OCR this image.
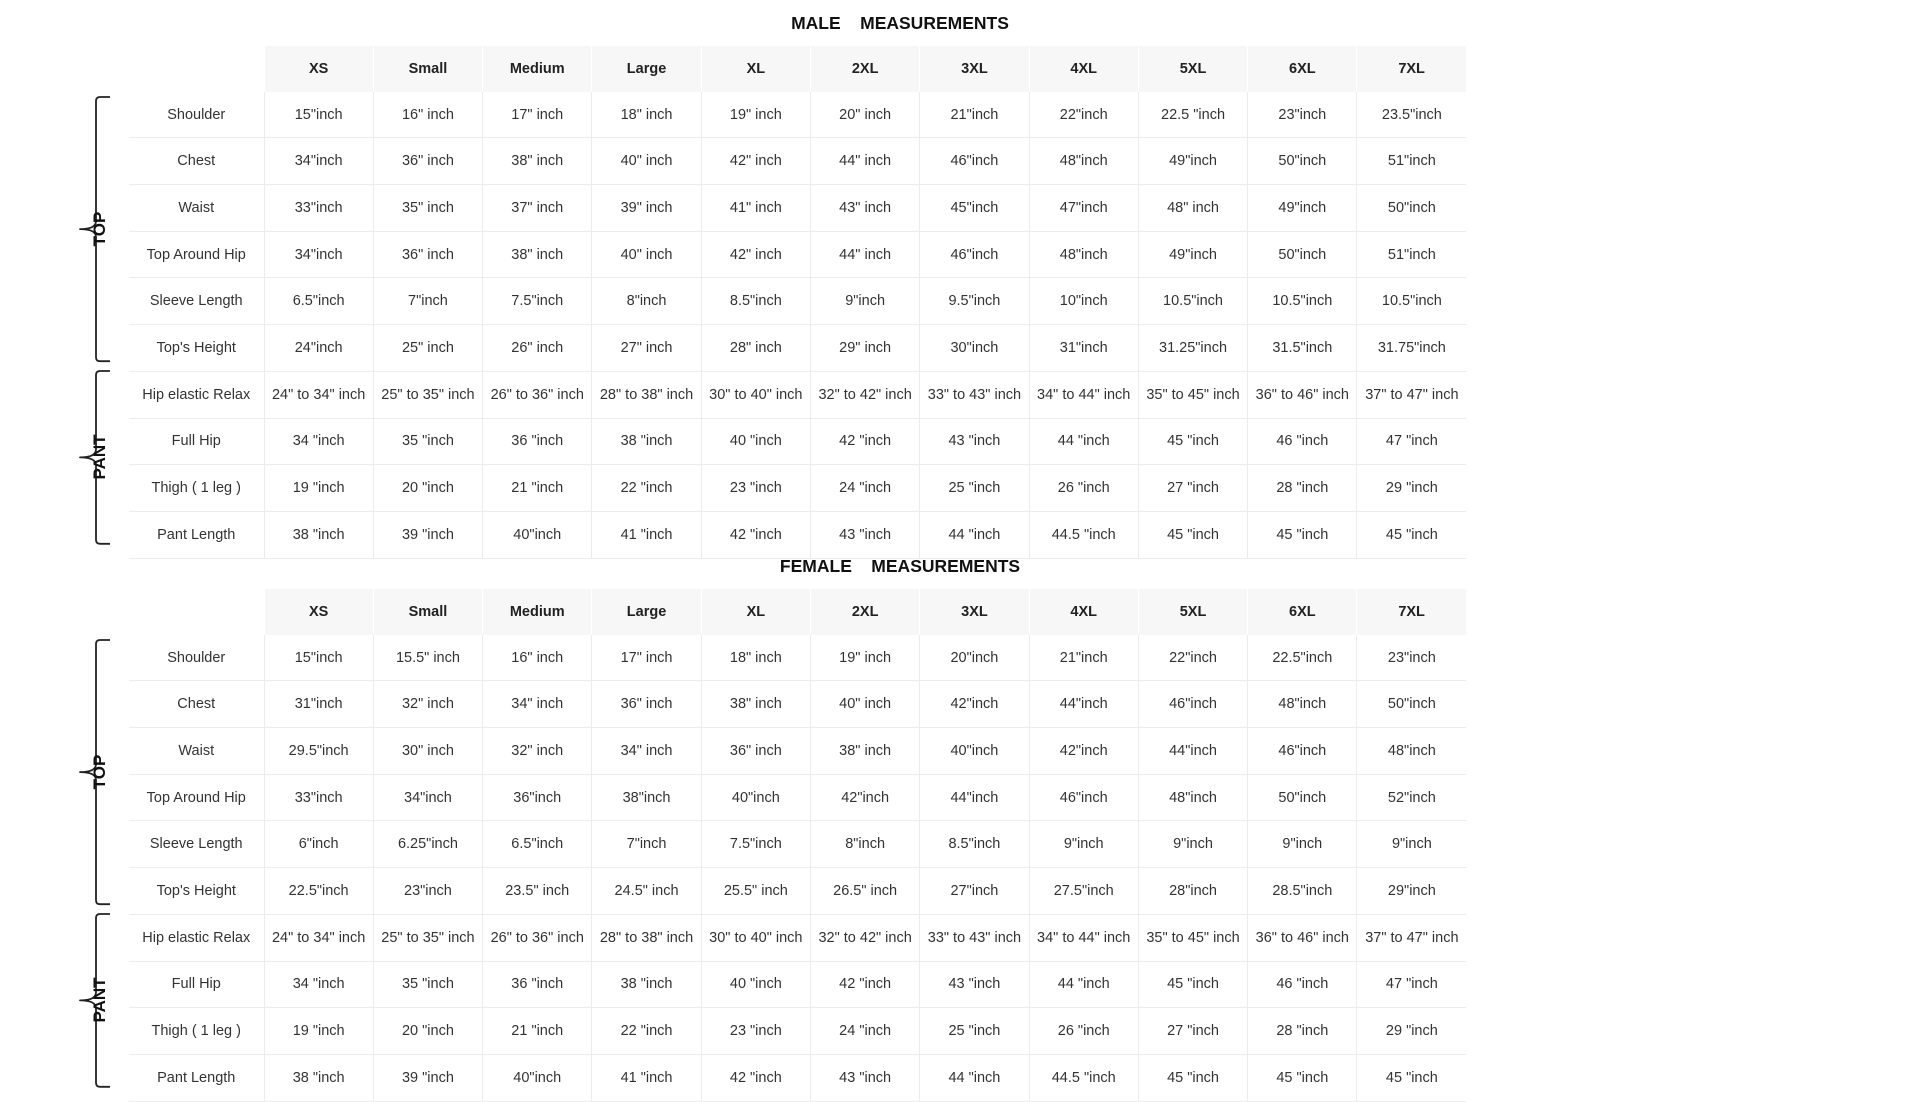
MALE    MEASUREMENTS
TOP
PANT
	XS	Small	Medium	Large	XL	2XL	3XL	4XL	5XL	6XL	7XL
Shoulder	15"inch	16" inch	17" inch	18" inch	19" inch	20" inch	21"inch	22"inch	22.5 "inch	23"inch	23.5"inch
Chest	34"inch	36" inch	38" inch	40" inch	42" inch	44" inch	46"inch	48"inch	49"inch	50"inch	51"inch
Waist	33"inch	35" inch	37" inch	39" inch	41" inch	43" inch	45"inch	47"inch	48" inch	49"inch	50"inch
Top Around Hip	34"inch	36" inch	38" inch	40" inch	42" inch	44" inch	46"inch	48"inch	49"inch	50"inch	51"inch
Sleeve Length	6.5"inch	7"inch	7.5"inch	8"inch	8.5"inch	9"inch	9.5"inch	10"inch	10.5"inch	10.5"inch	10.5"inch
Top's Height	24"inch	25" inch	26" inch	27" inch	28" inch	29" inch	30"inch	31"inch	31.25"inch	31.5"inch	31.75"inch
Hip elastic Relax	24" to 34" inch	25" to 35" inch	26" to 36" inch	28" to 38" inch	30" to 40" inch	32" to 42" inch	33" to 43" inch	34" to 44" inch	35" to 45" inch	36" to 46" inch	37" to 47" inch
Full Hip	34 "inch	35 "inch	36 "inch	38 "inch	40 "inch	42 "inch	43 "inch	44 "inch	45 "inch	46 "inch	47 "inch
Thigh ( 1 leg )	19 "inch	20 "inch	21 "inch	22 "inch	23 "inch	24 "inch	25 "inch	26 "inch	27 "inch	28 "inch	29 "inch
Pant Length	38 "inch	39 "inch	40"inch	41 "inch	42 "inch	43 "inch	44 "inch	44.5 "inch	45 "inch	45 "inch	45 "inch
FEMALE    MEASUREMENTS
TOP
PANT
	XS	Small	Medium	Large	XL	2XL	3XL	4XL	5XL	6XL	7XL
Shoulder	15"inch	15.5" inch	16" inch	17" inch	18" inch	19" inch	20"inch	21"inch	22"inch	22.5"inch	23"inch
Chest	31"inch	32" inch	34" inch	36" inch	38" inch	40" inch	42"inch	44"inch	46"inch	48"inch	50"inch
Waist	29.5"inch	30" inch	32" inch	34" inch	36" inch	38" inch	40"inch	42"inch	44"inch	46"inch	48"inch
Top Around Hip	33"inch	34"inch	36"inch	38"inch	40"inch	42"inch	44"inch	46"inch	48"inch	50"inch	52"inch
Sleeve Length	6"inch	6.25"inch	6.5"inch	7"inch	7.5"inch	8"inch	8.5"inch	9"inch	9"inch	9"inch	9"inch
Top's Height	22.5"inch	23"inch	23.5" inch	24.5" inch	25.5" inch	26.5" inch	27"inch	27.5"inch	28"inch	28.5"inch	29"inch
Hip elastic Relax	24" to 34" inch	25" to 35" inch	26" to 36" inch	28" to 38" inch	30" to 40" inch	32" to 42" inch	33" to 43" inch	34" to 44" inch	35" to 45" inch	36" to 46" inch	37" to 47" inch
Full Hip	34 "inch	35 "inch	36 "inch	38 "inch	40 "inch	42 "inch	43 "inch	44 "inch	45 "inch	46 "inch	47 "inch
Thigh ( 1 leg )	19 "inch	20 "inch	21 "inch	22 "inch	23 "inch	24 "inch	25 "inch	26 "inch	27 "inch	28 "inch	29 "inch
Pant Length	38 "inch	39 "inch	40"inch	41 "inch	42 "inch	43 "inch	44 "inch	44.5 "inch	45 "inch	45 "inch	45 "inch
